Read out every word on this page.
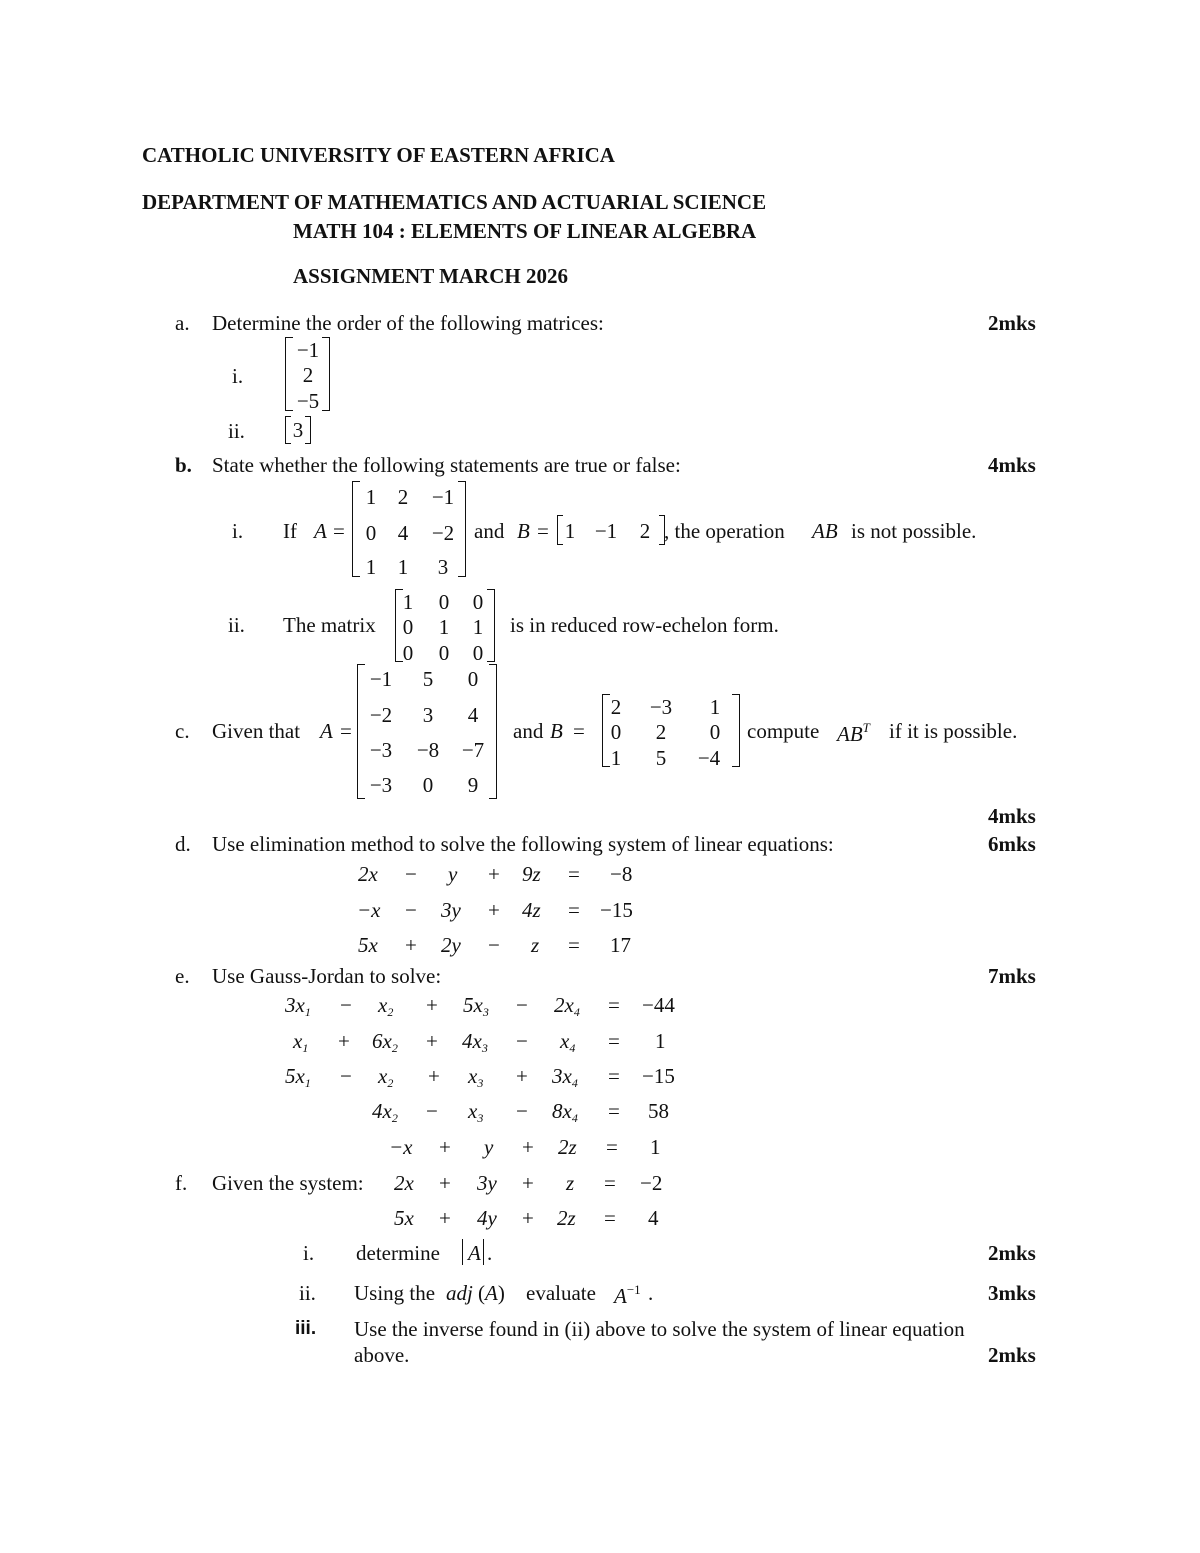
CATHOLIC UNIVERSITY OF EASTERN AFRICA
DEPARTMENT OF MATHEMATICS AND ACTUARIAL SCIENCE
MATH 104 : ELEMENTS OF LINEAR ALGEBRA
ASSIGNMENT MARCH 2026
a. Determine the order of the following matrices:	2mks
i.
−1
2
−5
ii.	3
b. State whether the following statements are true or false:	4mks
i. If A =
1	2	−1
0	4	−2
1	1	3
and B = 1 −1	2 , the operation AB is not possible.
ii. The matrix
1	0	0
0	1	1
0	0	0
is in reduced row-echelon form.
c. Given that A =
−1	5	0
−2	3	4
−3 −8 −7
−3	0	9
and B =
2	−3	1
0	2	0
1	5	−4
compute $AB^T$ if it is possible.
4mks
d. Use elimination method to solve the following system of linear equations:	6mks
2x − y + 9z = −8
−x − 3y + 4z = −15
5x + 2y − z = 17
e. Use Gauss-Jordan to solve:	7mks
$3x_1 - x_2 + 5x_3 - 2x_4 = -44$
$x_1 + 6x_2 + 4x_3 - x_4 = 1$
$5x_1 - x_2 + x_3 + 3x_4 = -15$
$4x_2 - x_3 - 8x_4 = 58$
−x + y + 2z = 1
f. Given the system: 2x + 3y + z = −2
5x + 4y + 2z = 4
i. determine A .	2mks
ii. Using the adj (A) evaluate $A^{-1}$ .	3mks
iii. Use the inverse found in (ii) above to solve the system of linear equation
above.	2mks
